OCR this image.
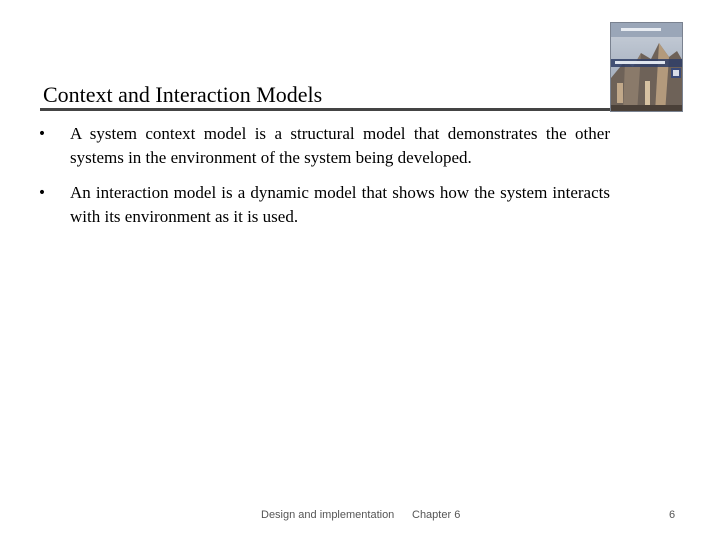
Context and Interaction Models
•	A system context model is a structural model that demonstrates the other systems in the environment of the system being developed.
•	An interaction model is a dynamic model that shows how the system interacts with its environment as it is used.
Design and implementation Chapter 6	6
